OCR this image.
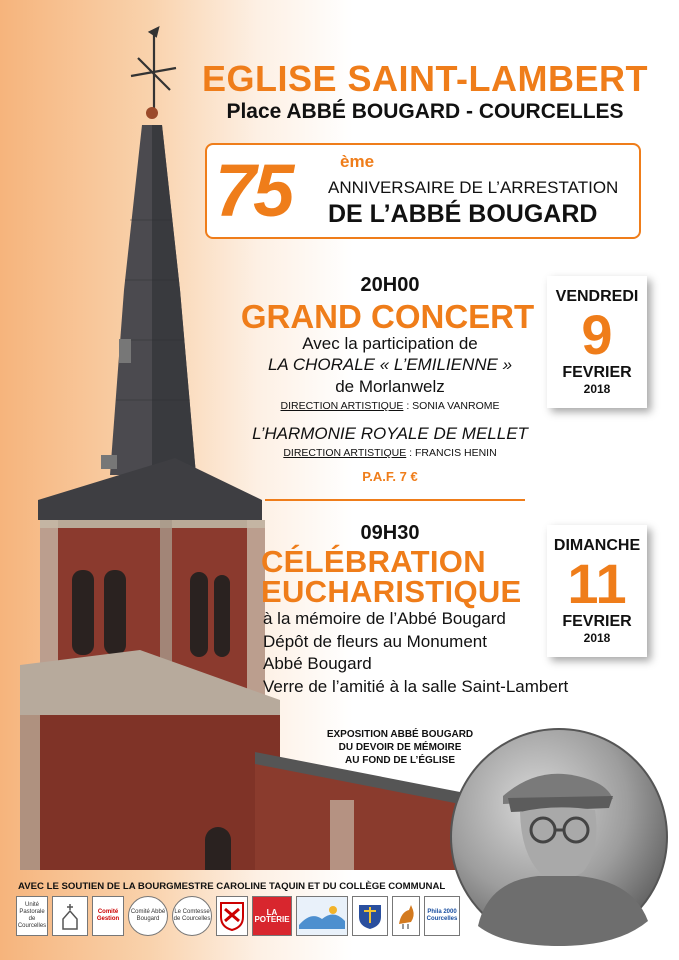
EGLISE SAINT-LAMBERT
Place ABBÉ BOUGARD - COURCELLES
75	ème
ANNIVERSAIRE DE L’ARRESTATION
DE L’ABBÉ BOUGARD
20H00
GRAND CONCERT
Avec la participation de
LA CHORALE « L’EMILIENNE »
de Morlanwelz
DIRECTION ARTISTIQUE : SONIA VANROME
L’HARMONIE ROYALE DE MELLET
DIRECTION ARTISTIQUE : FRANCIS HENIN
P.A.F. 7 €
VENDREDI
9
FEVRIER
2018
09H30
CÉLÉBRATION
EUCHARISTIQUE
à la mémoire de l’Abbé Bougard
Dépôt de fleurs au Monument
Abbé Bougard
Verre de l’amitié à la salle Saint-Lambert
DIMANCHE
11
FEVRIER
2018
EXPOSITION ABBÉ BOUGARD
DU DEVOIR DE MÉMOIRE
AU FOND DE L’ÉGLISE
AVEC LE SOUTIEN DE LA BOURGMESTRE CAROLINE TAQUIN ET DU COLLÈGE COMMUNAL
Unité Pastorale de Courcelles
Comité Gestion
Comité Abbé Bougard
Le Comtesse de Courcelles
LA POTERIE
Phila 2000 Courcelles
